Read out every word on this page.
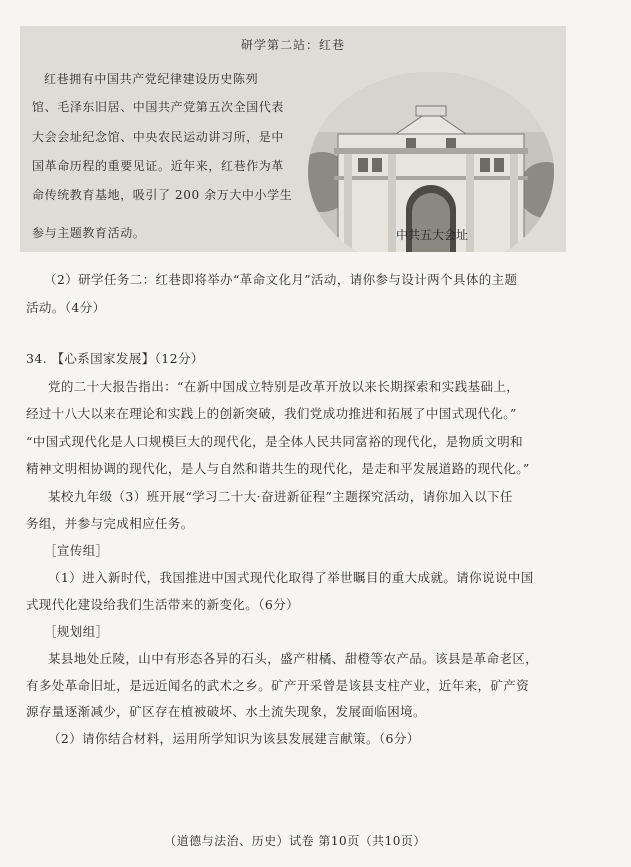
研学第二站：红巷
红巷拥有中国共产党纪律建设历史陈列
馆、毛泽东旧居、中国共产党第五次全国代表
大会会址纪念馆、中央农民运动讲习所，是中
国革命历程的重要见证。近年来，红巷作为革
命传统教育基地，吸引了 200 余万大中小学生
参与主题教育活动。	中共五大会址
（2）研学任务二：红巷即将举办“革命文化月”活动，请你参与设计两个具体的主题
活动。（4分）
34. 【心系国家发展】（12分）
党的二十大报告指出：“在新中国成立特别是改革开放以来长期探索和实践基础上，
经过十八大以来在理论和实践上的创新突破，我们党成功推进和拓展了中国式现代化。”
“中国式现代化是人口规模巨大的现代化，是全体人民共同富裕的现代化，是物质文明和
精神文明相协调的现代化，是人与自然和谐共生的现代化，是走和平发展道路的现代化。”
某校九年级（3）班开展“学习二十大·奋进新征程”主题探究活动，请你加入以下任
务组，并参与完成相应任务。
［宣传组］
（1）进入新时代，我国推进中国式现代化取得了举世瞩目的重大成就。请你说说中国
式现代化建设给我们生活带来的新变化。（6分）
［规划组］
某县地处丘陵，山中有形态各异的石头，盛产柑橘、甜橙等农产品。该县是革命老区，
有多处革命旧址，是远近闻名的武术之乡。矿产开采曾是该县支柱产业，近年来，矿产资
源存量逐渐减少，矿区存在植被破坏、水土流失现象，发展面临困境。
（2）请你结合材料，运用所学知识为该县发展建言献策。（6分）
（道德与法治、历史）试卷 第10页（共10页）
